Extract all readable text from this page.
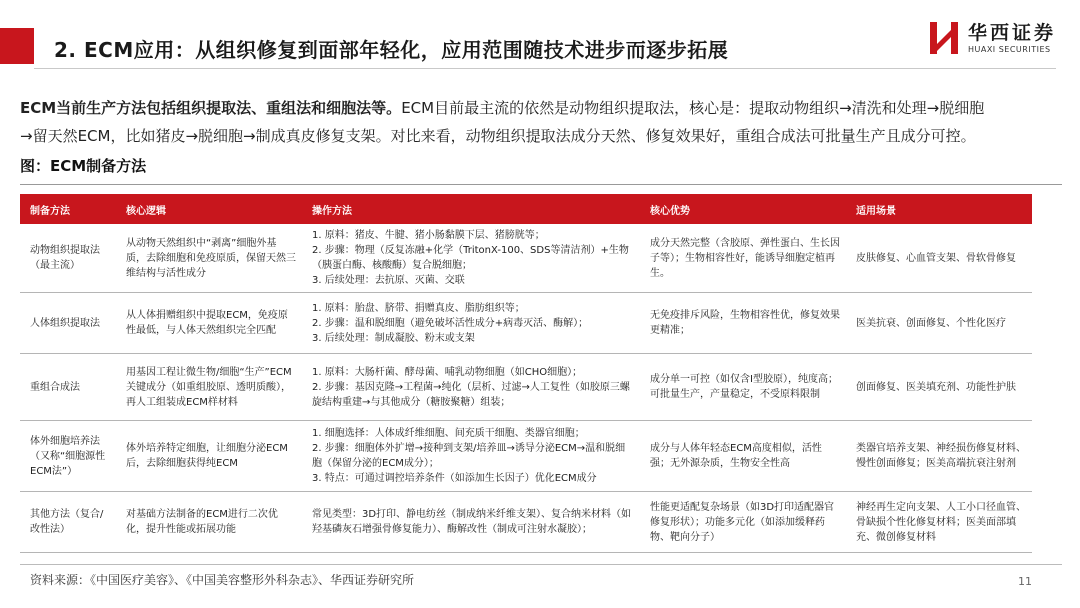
2. ECM应用：从组织修复到面部年轻化，应用范围随技术进步而逐步拓展
华西证券
HUAXI SECURITIES
ECM当前生产方法包括组织提取法、重组法和细胞法等。ECM目前最主流的依然是动物组织提取法，核心是：提取动物组织→清洗和处理→脱细胞
→留天然ECM，比如猪皮→脱细胞→制成真皮修复支架。对比来看，动物组织提取法成分天然、修复效果好，重组合成法可批量生产且成分可控。
图：ECM制备方法
制备方法	核心逻辑	操作方法	核心优势	适用场景
动物组织提取法（最主流）	从动物天然组织中“剥离”细胞外基质，去除细胞和免疫原质，保留天然三维结构与活性成分	1. 原料：猪皮、牛腱、猪小肠黏膜下层、猪膀胱等；
2. 步骤：物理（反复冻融+化学（TritonX-100、SDS等清洁剂）+生物（胰蛋白酶、核酸酶）复合脱细胞；
3. 后续处理：去抗原、灭菌、交联	成分天然完整（含胶原、弹性蛋白、生长因子等）；生物相容性好，能诱导细胞定植再生。	皮肤修复、心血管支架、骨软骨修复
人体组织提取法	从人体捐赠组织中提取ECM，免疫原性最低，与人体天然组织完全匹配	1. 原料：胎盘、脐带、捐赠真皮、脂肪组织等；
2. 步骤：温和脱细胞（避免破坏活性成分+病毒灭活、酶解）；
3. 后续处理：制成凝胶、粉末或支架	无免疫排斥风险，生物相容性优，修复效果更精准；	医美抗衰、创面修复、个性化医疗
重组合成法	用基因工程让微生物/细胞“生产”ECM关键成分（如重组胶原、透明质酸），再人工组装成ECM样材料	1. 原料：大肠杆菌、酵母菌、哺乳动物细胞（如CHO细胞）；
2. 步骤：基因克隆→工程菌→纯化（层析、过滤→人工复性（如胶原三螺旋结构重建→与其他成分（糖胺聚糖）组装；	成分单一可控（如仅含Ⅰ型胶原），纯度高；可批量生产，产量稳定，不受原料限制	创面修复、医美填充剂、功能性护肤
体外细胞培养法（又称“细胞源性ECM法”）	体外培养特定细胞，让细胞分泌ECM后，去除细胞获得纯ECM	1. 细胞选择：人体成纤维细胞、间充质干细胞、类器官细胞；
2. 步骤：细胞体外扩增→接种到支架/培养皿→诱导分泌ECM→温和脱细胞（保留分泌的ECM成分）；
3. 特点：可通过调控培养条件（如添加生长因子）优化ECM成分	成分与人体年轻态ECM高度相似，活性强；无外源杂质，生物安全性高	类器官培养支架、神经损伤修复材料、慢性创面修复；医美高端抗衰注射剂
其他方法（复合/改性法）	对基础方法制备的ECM进行二次优化，提升性能或拓展功能	常见类型：3D打印、静电纺丝（制成纳米纤维支架）、复合纳米材料（如羟基磷灰石增强骨修复能力）、酶解改性（制成可注射水凝胶）；	性能更适配复杂场景（如3D打印适配器官修复形状）；功能多元化（如添加缓释药物、靶向分子）	神经再生定向支架、人工小口径血管、骨缺损个性化修复材料；医美面部填充、微创修复材料
资料来源：《中国医疗美容》、《中国美容整形外科杂志》、华西证券研究所	11
